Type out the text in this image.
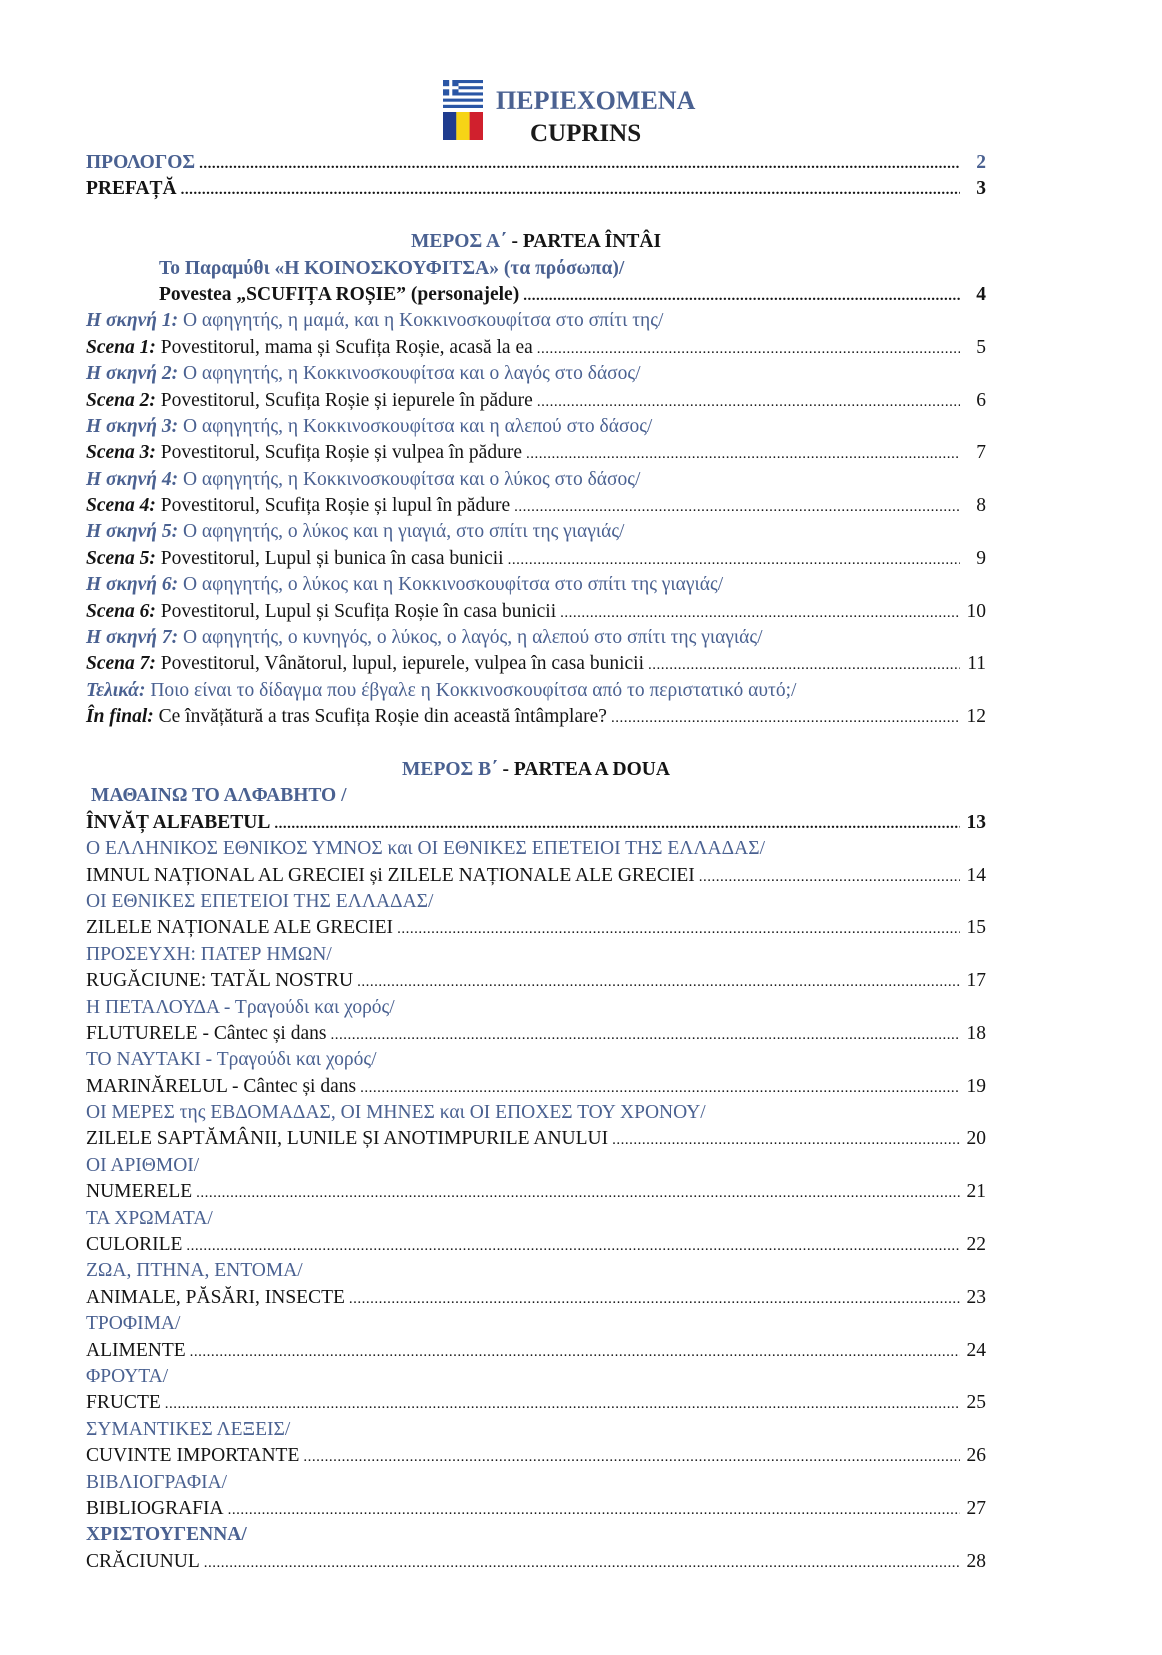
ΠΕΡΙΕΧΟΜΕΝΑ
CUPRINS
ΠΡΟΛΟΓΟΣ .....	2
PREFAȚĂ .....	3
ΜΕΡΟΣ Α΄ - PARTEA ÎNTÂI
Το Παραμύθι «Η ΚΟΙΝΟΣΚΟΥΦΙΤΣΑ» (τα πρόσωπα)/
Povestea „SCUFIȚA ROȘIE” (personajele) .....	4
Η σκηνή 1: Ο αφηγητής, η μαμά, και η Κοκκινοσκουφίτσα στο σπίτι της/
Scena 1: Povestitorul, mama și Scufița Roșie, acasă la ea .....	5
Η σκηνή 2: Ο αφηγητής, η Κοκκινοσκουφίτσα και ο λαγός στο δάσος/
Scena 2: Povestitorul, Scufița Roșie și iepurele în pădure .....	6
Η σκηνή 3: Ο αφηγητής, η Κοκκινοσκουφίτσα και η αλεπού στο δάσος/
Scena 3: Povestitorul, Scufița Roșie și vulpea în pădure .....	7
Η σκηνή 4: Ο αφηγητής, η Κοκκινοσκουφίτσα και ο λύκος στο δάσος/
Scena 4: Povestitorul, Scufița Roșie și lupul în pădure .....	8
Η σκηνή 5: Ο αφηγητής, ο λύκος και η γιαγιά, στο σπίτι της γιαγιάς/
Scena 5: Povestitorul, Lupul și bunica în casa bunicii .....	9
Η σκηνή 6: Ο αφηγητής, ο λύκος και η Κοκκινοσκουφίτσα στο σπίτι της γιαγιάς/
Scena 6: Povestitorul, Lupul și Scufița Roșie în casa bunicii .....	10
Η σκηνή 7: Ο αφηγητής, ο κυνηγός, ο λύκος, ο λαγός, η αλεπού στο σπίτι της γιαγιάς/
Scena 7: Povestitorul, Vânătorul, lupul, iepurele, vulpea în casa bunicii .....	11
Τελικά: Ποιο είναι το δίδαγμα που έβγαλε η Κοκκινοσκουφίτσα από το περιστατικό αυτό;/
În final: Ce învățătură a tras Scufița Roșie din această întâmplare? .....	12
ΜΕΡΟΣ Β΄ - PARTEA A DOUA
ΜΑΘΑΙΝΩ ΤΟ ΑΛΦΑΒΗΤΟ /
ÎNVĂȚ ALFABETUL .....	13
Ο ΕΛΛΗΝΙΚΟΣ ΕΘΝΙΚΟΣ ΥΜΝΟΣ και ΟΙ ΕΘΝΙΚΕΣ ΕΠΕΤΕΙΟΙ ΤΗΣ ΕΛΛΑΔΑΣ/
IMNUL NAȚIONAL AL GRECIEI și ZILELE NAȚIONALE ALE GRECIEI .....	14
ΟΙ ΕΘΝΙΚΕΣ ΕΠΕΤΕΙΟΙ ΤΗΣ ΕΛΛΑΔΑΣ/
ZILELE NAȚIONALE ALE GRECIEI .....	15
ΠΡΟΣΕΥΧΗ: ΠΑΤΕΡ ΗΜΩΝ/
RUGĂCIUNE: TATĂL NOSTRU .....	17
Η ΠΕΤΑΛΟΥΔΑ - Τραγούδι και χορός/
FLUTURELE - Cântec și dans .....	18
ΤΟ ΝΑΥΤΑΚΙ - Τραγούδι και χορός/
MARINĂRELUL - Cântec și dans .....	19
ΟΙ ΜΕΡΕΣ της ΕΒΔΟΜΑΔΑΣ, ΟΙ ΜΗΝΕΣ και ΟΙ ΕΠΟΧΕΣ ΤΟΥ ΧΡΟΝΟΥ/
ZILELE SAPTĂMÂNII, LUNILE ȘI ANOTIMPURILE ANULUI .....	20
ΟΙ ΑΡΙΘΜΟΙ/
NUMERELE .....	21
ΤΑ ΧΡΩΜΑΤΑ/
CULORILE .....	22
ΖΩΑ, ΠΤΗΝΑ, ΕΝΤΟΜΑ/
ANIMALE, PĂSĂRI, INSECTE .....	23
ΤΡΟΦΙΜΑ/
ALIMENTE .....	24
ΦΡΟΥΤΑ/
FRUCTE .....	25
ΣΥΜΑΝΤΙΚΕΣ ΛΕΞΕΙΣ/
CUVINTE IMPORTANTE .....	26
ΒΙΒΛΙΟΓΡΑΦΙΑ/
BIBLIOGRAFIA .....	27
ΧΡΙΣΤΟΥΓΕΝΝΑ/
CRĂCIUNUL .....	28
